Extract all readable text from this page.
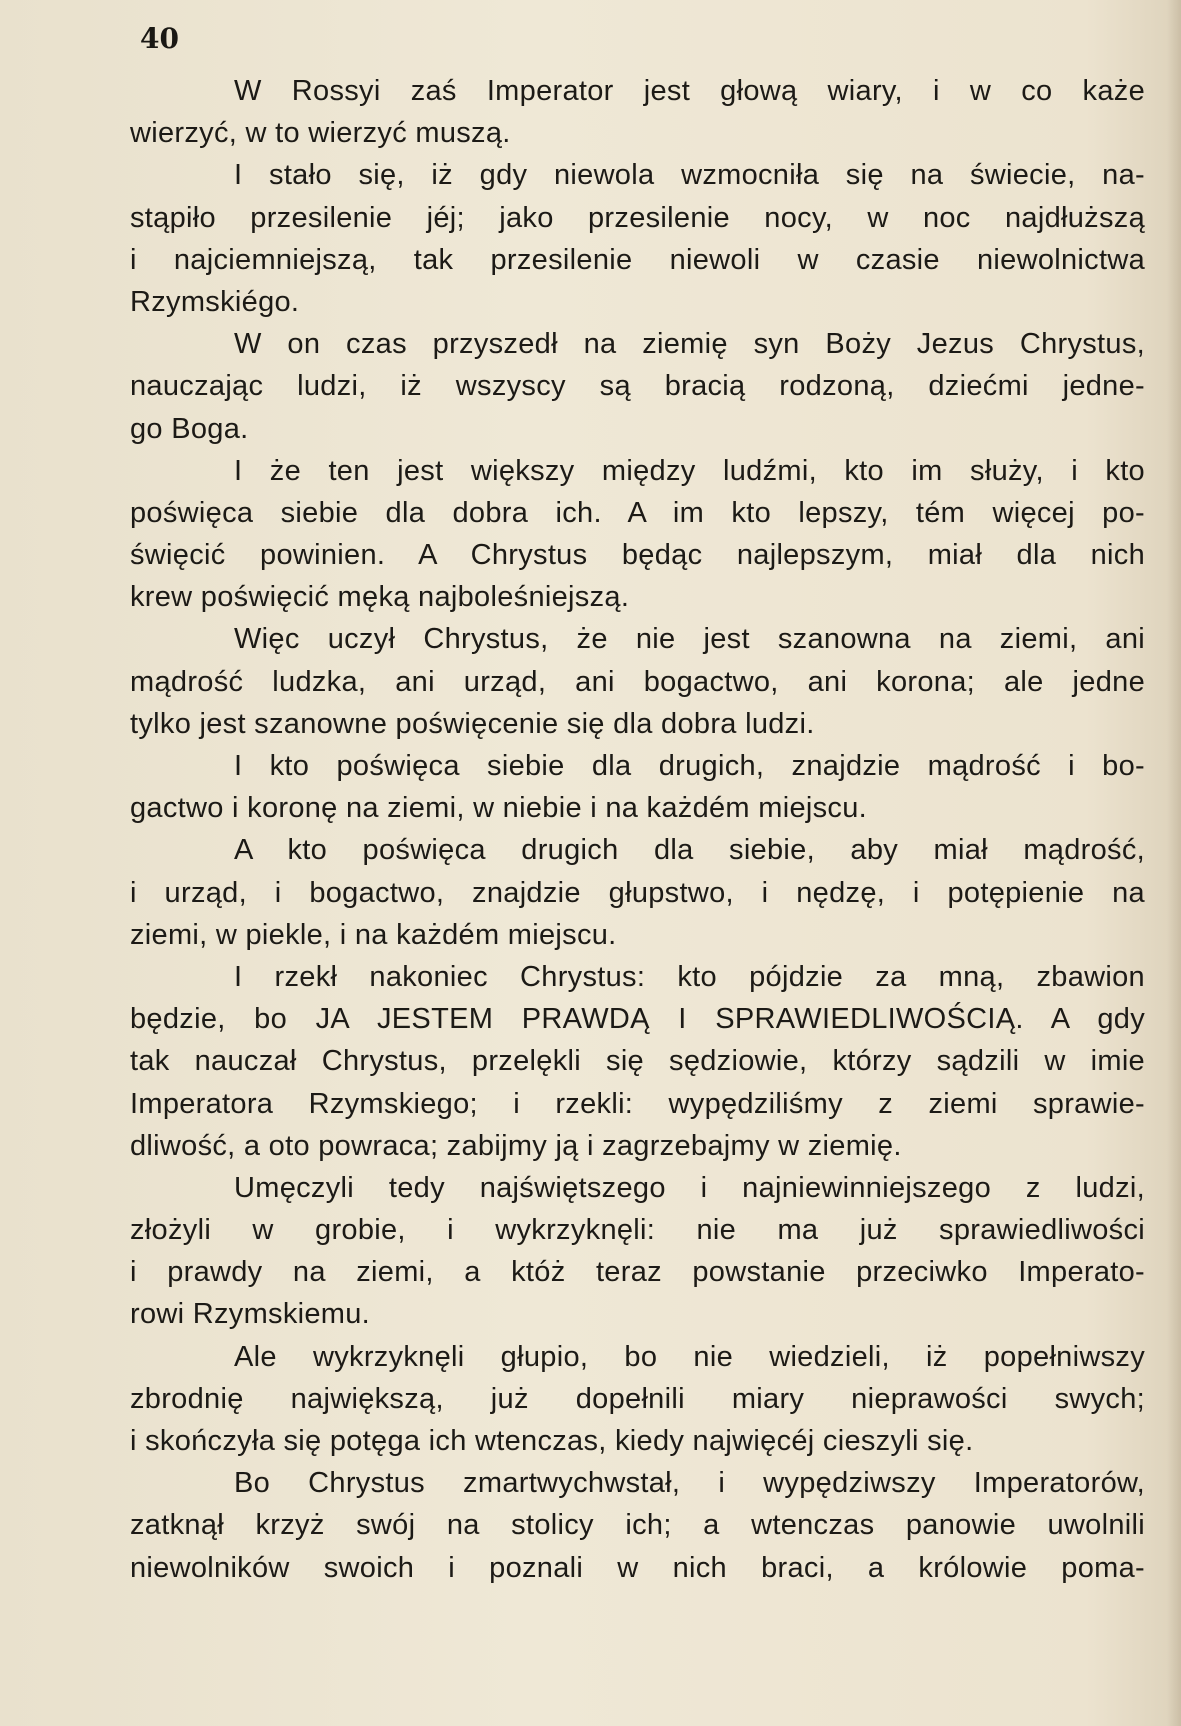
40
W Rossyi zaś Imperator jest głową wiary, i w co każe
wierzyć, w to wierzyć muszą.
I stało się, iż gdy niewola wzmocniła się na świecie, na-
stąpiło przesilenie jéj; jako przesilenie nocy, w noc najdłuższą
i najciemniejszą, tak przesilenie niewoli w czasie niewolnictwa
Rzymskiégo.
W on czas przyszedł na ziemię syn Boży Jezus Chrystus,
nauczając ludzi, iż wszyscy są bracią rodzoną, dziećmi jedne-
go Boga.
I że ten jest większy między ludźmi, kto im służy, i kto
poświęca siebie dla dobra ich. A im kto lepszy, tém więcej po-
święcić powinien. A Chrystus będąc najlepszym, miał dla nich
krew poświęcić męką najboleśniejszą.
Więc uczył Chrystus, że nie jest szanowna na ziemi, ani
mądrość ludzka, ani urząd, ani bogactwo, ani korona; ale jedne
tylko jest szanowne poświęcenie się dla dobra ludzi.
I kto poświęca siebie dla drugich, znajdzie mądrość i bo-
gactwo i koronę na ziemi, w niebie i na każdém miejscu.
A kto poświęca drugich dla siebie, aby miał mądrość,
i urząd, i bogactwo, znajdzie głupstwo, i nędzę, i potępienie na
ziemi, w piekle, i na każdém miejscu.
I rzekł nakoniec Chrystus: kto pójdzie za mną, zbawion
będzie, bo JA JESTEM PRAWDĄ I SPRAWIEDLIWOŚCIĄ. A gdy
tak nauczał Chrystus, przelękli się sędziowie, którzy sądzili w imie
Imperatora Rzymskiego; i rzekli: wypędziliśmy z ziemi sprawie-
dliwość, a oto powraca; zabijmy ją i zagrzebajmy w ziemię.
Umęczyli tedy najświętszego i najniewinniejszego z ludzi,
złożyli w grobie, i wykrzyknęli: nie ma już sprawiedliwości
i prawdy na ziemi, a któż teraz powstanie przeciwko Imperato-
rowi Rzymskiemu.
Ale wykrzyknęli głupio, bo nie wiedzieli, iż popełniwszy
zbrodnię największą, już dopełnili miary nieprawości swych;
i skończyła się potęga ich wtenczas, kiedy najwięcéj cieszyli się.
Bo Chrystus zmartwychwstał, i wypędziwszy Imperatorów,
zatknął krzyż swój na stolicy ich; a wtenczas panowie uwolnili
niewolników swoich i poznali w nich braci, a królowie poma-
